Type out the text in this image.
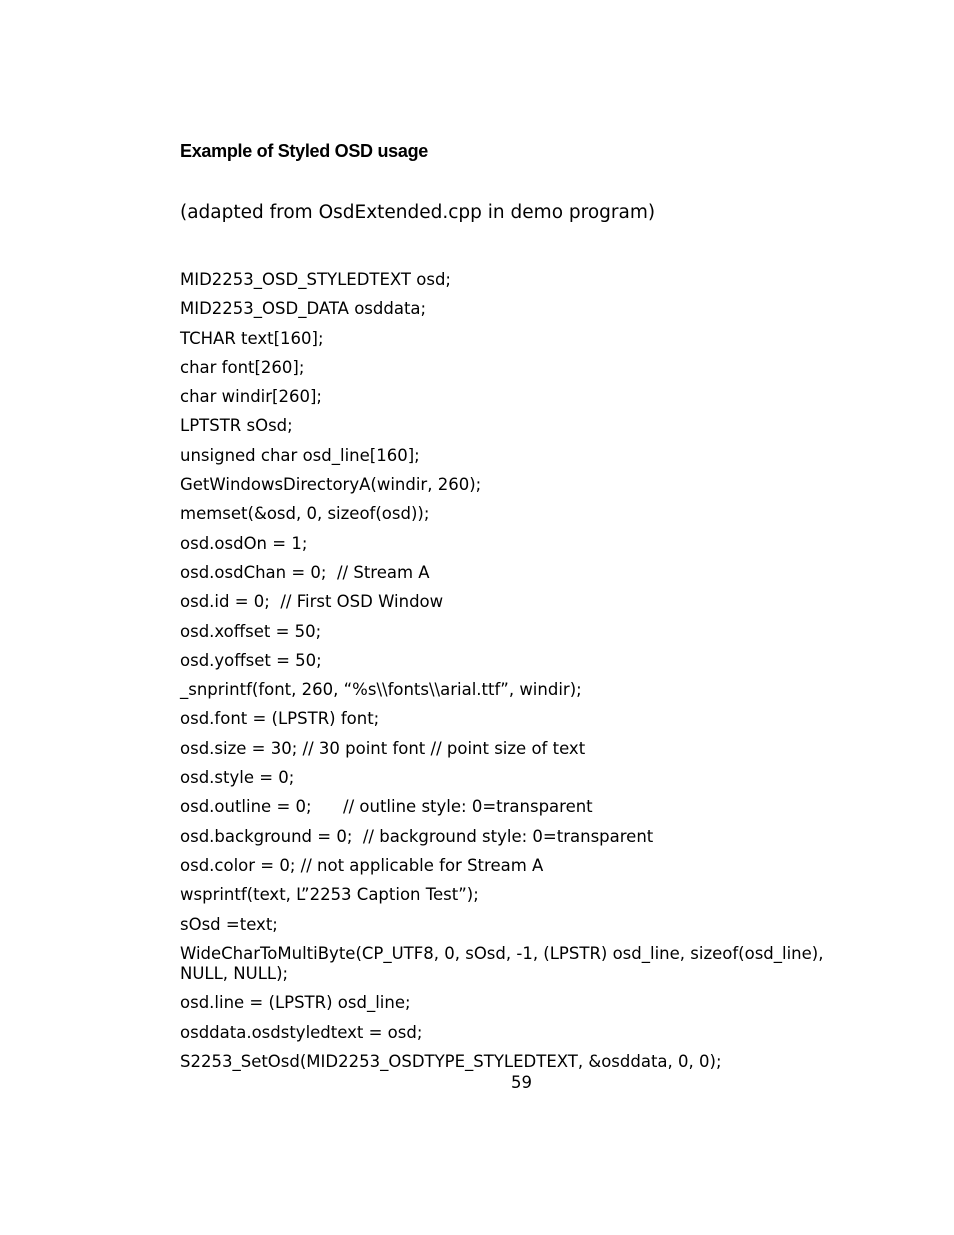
Example of Styled OSD usage
(adapted from OsdExtended.cpp in demo program)
MID2253_OSD_STYLEDTEXT osd;
MID2253_OSD_DATA osddata;
TCHAR text[160];
char font[260];
char windir[260];
LPTSTR sOsd;
unsigned char osd_line[160];
GetWindowsDirectoryA(windir, 260);
memset(&osd, 0, sizeof(osd));
osd.osdOn = 1;
osd.osdChan = 0;  // Stream A
osd.id = 0;  // First OSD Window
osd.xoffset = 50;
osd.yoffset = 50;
_snprintf(font, 260, “%s\\fonts\\arial.ttf”, windir);
osd.font = (LPSTR) font;
osd.size = 30; // 30 point font // point size of text
osd.style = 0;
osd.outline = 0;      // outline style: 0=transparent
osd.background = 0;  // background style: 0=transparent
osd.color = 0; // not applicable for Stream A
wsprintf(text, L”2253 Caption Test”);
sOsd =text;
WideCharToMultiByte(CP_UTF8, 0, sOsd, -1, (LPSTR) osd_line, sizeof(osd_line), NULL, NULL);
osd.line = (LPSTR) osd_line;
osddata.osdstyledtext = osd;
S2253_SetOsd(MID2253_OSDTYPE_STYLEDTEXT, &osddata, 0, 0);
59
